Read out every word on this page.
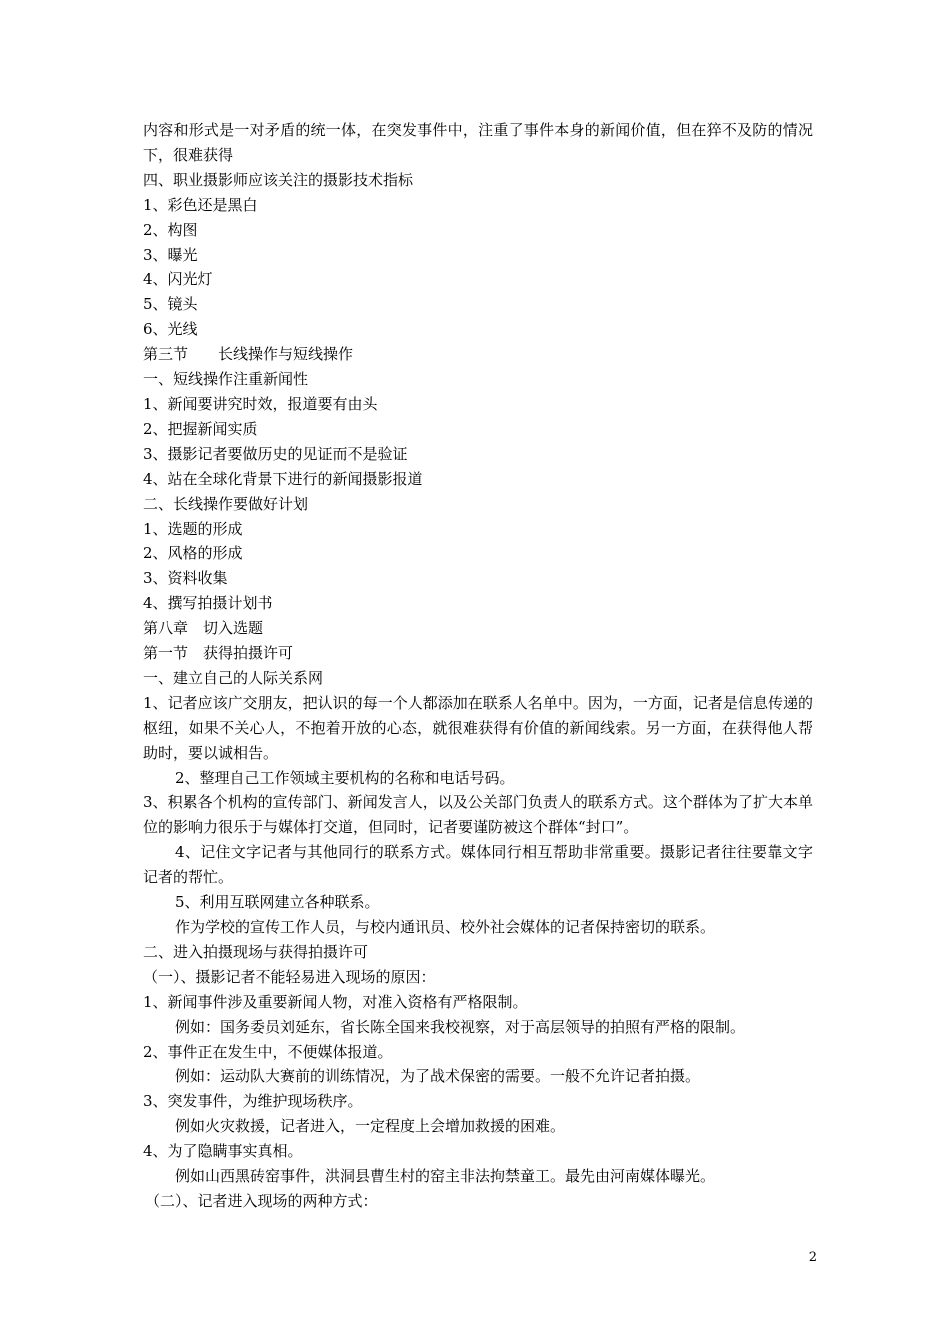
内容和形式是一对矛盾的统一体，在突发事件中，注重了事件本身的新闻价值，但在猝不及防的情况下，很难获得
四、职业摄影师应该关注的摄影技术指标
1、彩色还是黑白
2、构图
3、曝光
4、闪光灯
5、镜头
6、光线
第三节　　长线操作与短线操作
一、短线操作注重新闻性
1、新闻要讲究时效，报道要有由头
2、把握新闻实质
3、摄影记者要做历史的见证而不是验证
4、站在全球化背景下进行的新闻摄影报道
二、长线操作要做好计划
1、选题的形成
2、风格的形成
3、资料收集
4、撰写拍摄计划书
第八章　切入选题
第一节　获得拍摄许可
一、建立自己的人际关系网
1、记者应该广交朋友，把认识的每一个人都添加在联系人名单中。因为，一方面，记者是信息传递的枢纽，如果不关心人，不抱着开放的心态，就很难获得有价值的新闻线索。另一方面，在获得他人帮助时，要以诚相告。
2、整理自己工作领域主要机构的名称和电话号码。
3、积累各个机构的宣传部门、新闻发言人，以及公关部门负责人的联系方式。这个群体为了扩大本单位的影响力很乐于与媒体打交道，但同时，记者要谨防被这个群体“封口”。
4、记住文字记者与其他同行的联系方式。媒体同行相互帮助非常重要。摄影记者往往要靠文字记者的帮忙。
5、利用互联网建立各种联系。
作为学校的宣传工作人员，与校内通讯员、校外社会媒体的记者保持密切的联系。
二、进入拍摄现场与获得拍摄许可
（一）、摄影记者不能轻易进入现场的原因：
1、新闻事件涉及重要新闻人物，对准入资格有严格限制。
例如：国务委员刘延东，省长陈全国来我校视察，对于高层领导的拍照有严格的限制。
2、事件正在发生中，不便媒体报道。
例如：运动队大赛前的训练情况，为了战术保密的需要。一般不允许记者拍摄。
3、突发事件，为维护现场秩序。
例如火灾救援，记者进入，一定程度上会增加救援的困难。
4、为了隐瞒事实真相。
例如山西黑砖窑事件，洪洞县曹生村的窑主非法拘禁童工。最先由河南媒体曝光。
（二）、记者进入现场的两种方式：
2
